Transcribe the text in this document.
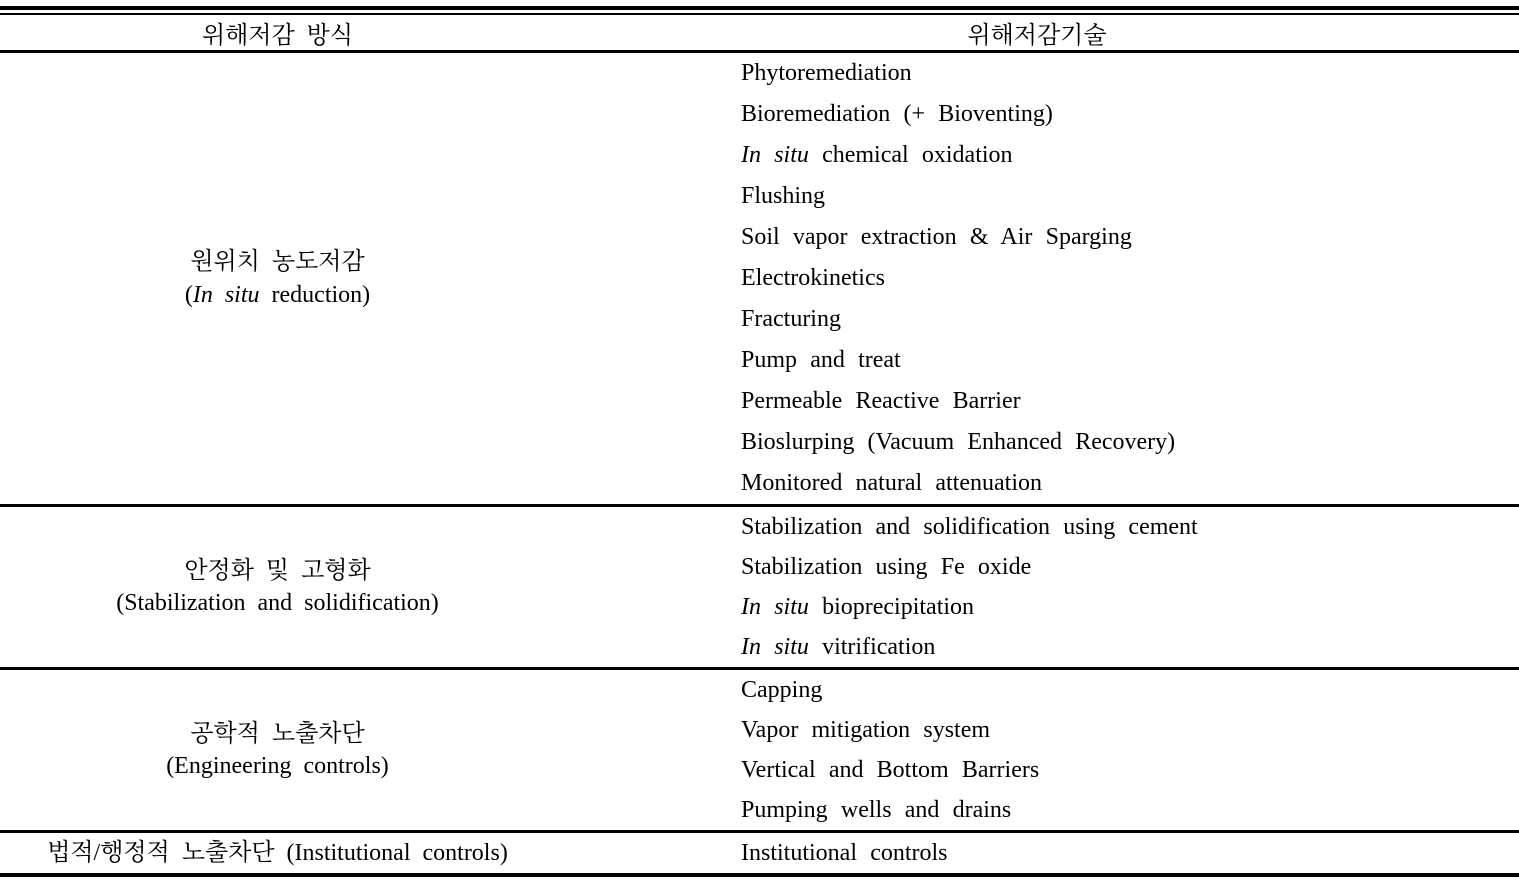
위해저감 방식	위해저감기술

원위치 농도저감
(In situ reduction)	Phytoremediation
	Bioremediation (+ Bioventing)
	In situ chemical oxidation
	Flushing
	Soil vapor extraction & Air Sparging
	Electrokinetics
	Fracturing
	Pump and treat
	Permeable Reactive Barrier
	Bioslurping (Vacuum Enhanced Recovery)
	Monitored natural attenuation

안정화 및 고형화
(Stabilization and solidification)	Stabilization and solidification using cement
	Stabilization using Fe oxide
	In situ bioprecipitation
	In situ vitrification

공학적 노출차단
(Engineering controls)	Capping
	Vapor mitigation system
	Vertical and Bottom Barriers
	Pumping wells and drains
법적/행정적 노출차단 (Institutional controls)	Institutional controls
